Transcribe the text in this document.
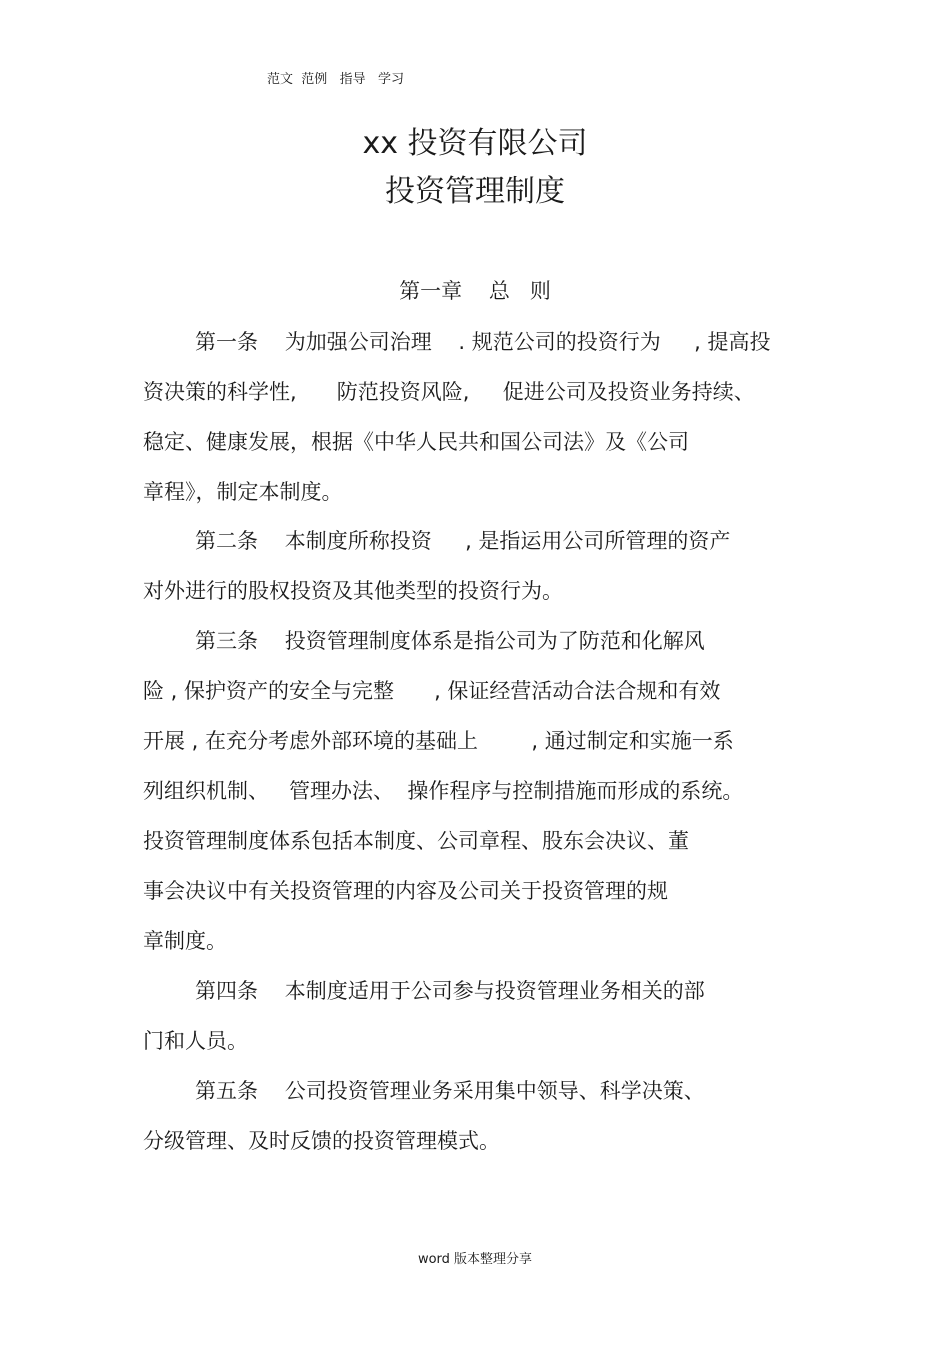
范文  范例   指导   学习
xx 投资有限公司
投资管理制度
第一章    总   则
第一条    为加强公司治理    . 规范公司的投资行为     , 提高投
资决策的科学性,      防范投资风险,     促进公司及投资业务持续、
稳定、健康发展，根据《中华人民共和国公司法》及《公司
章程》，制定本制度。
第二条    本制度所称投资     , 是指运用公司所管理的资产
对外进行的股权投资及其他类型的投资行为。
第三条    投资管理制度体系是指公司为了防范和化解风
险 , 保护资产的安全与完整      , 保证经营活动合法合规和有效
开展 , 在充分考虑外部环境的基础上        , 通过制定和实施一系
列组织机制、   管理办法、  操作程序与控制措施而形成的系统。
投资管理制度体系包括本制度、公司章程、股东会决议、董
事会决议中有关投资管理的内容及公司关于投资管理的规
章制度。
第四条    本制度适用于公司参与投资管理业务相关的部
门和人员。
第五条    公司投资管理业务采用集中领导、科学决策、
分级管理、及时反馈的投资管理模式。
word 版本整理分享
